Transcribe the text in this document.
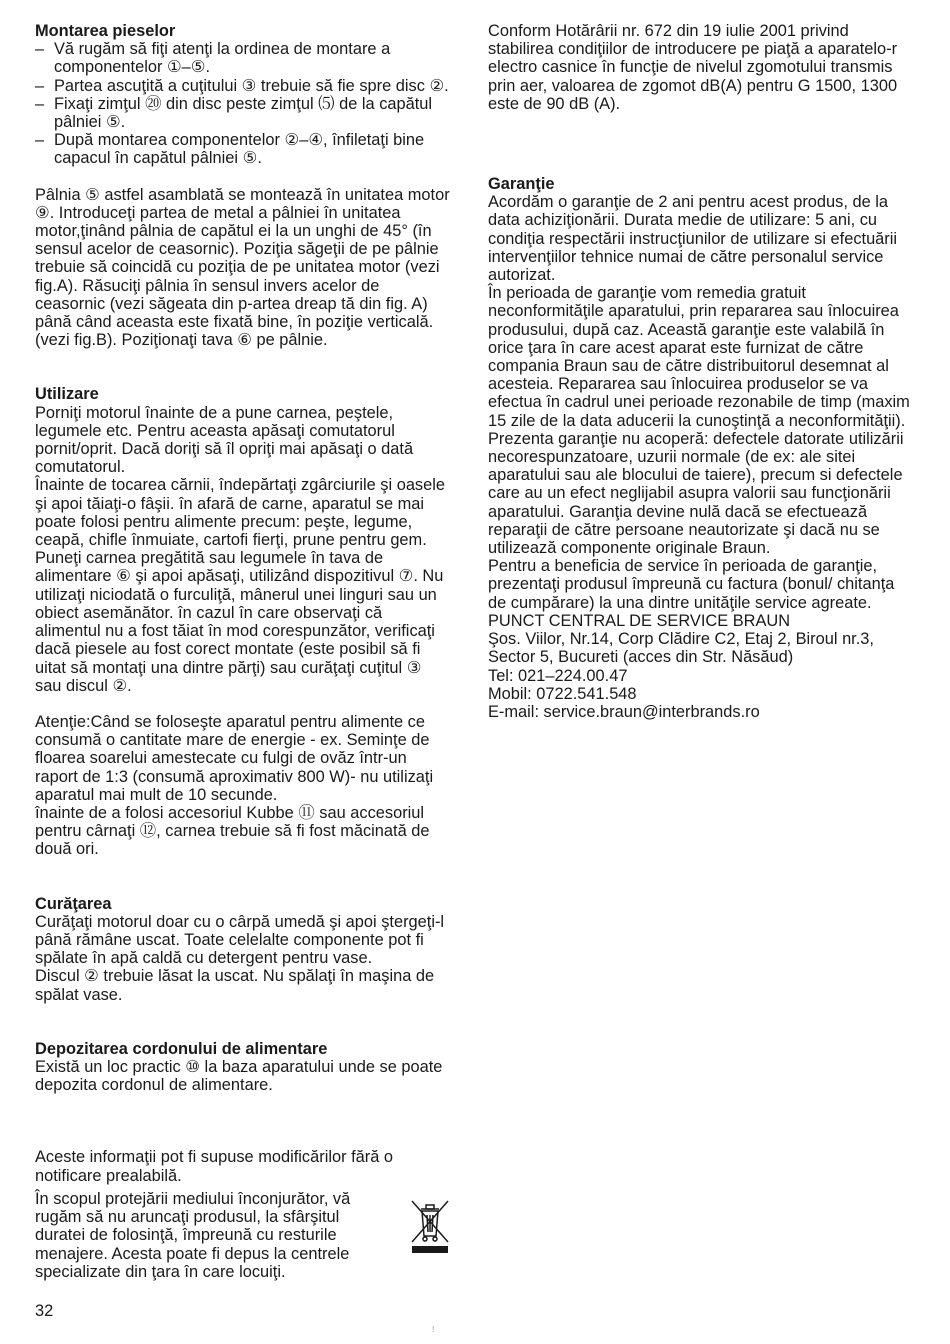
Montarea pieselor
– Vă rugăm să fiţi atenţi la ordinea de montare a componentelor ①–⑤.
– Partea ascuţită a cuţitului ③ trebuie să fie spre disc ②.
– Fixaţi zimţul ⑳ din disc peste zimţul ⑸ de la capătul pâlniei ⑤.
– După montarea componentelor ②–④, înfiletaţi bine capacul în capătul pâlniei ⑤.

Pâlnia ⑤ astfel asamblată se montează în unitatea motor ⑨. Introduceţi partea de metal a pâlniei în unitatea motor,ţinând pâlnia de capătul ei la un unghi de 45° (în sensul acelor de ceasornic). Poziţia săgeţii de pe pâlnie trebuie să coincidă cu poziţia de pe unitatea motor (vezi fig.A). Răsuciţi pâlnia în sensul invers acelor de ceasornic (vezi săgeata din p-artea dreap tă din fig. A) până când aceasta este fixată bine, în poziţie verticală. (vezi fig.B). Poziţionaţi tava ⑥ pe pâlnie.

Utilizare

Porniţi motorul înainte de a pune carnea, peştele, legumele etc. Pentru aceasta apăsaţi comutatorul pornit/oprit. Dacă doriţi să îl opriţi mai apăsaţi o dată comutatorul.

Înainte de tocarea cărnii, îndepărtaţi zgârciurile şi oasele şi apoi tăiaţi-o fâşii. în afară de carne, aparatul se mai poate folosi pentru alimente precum: peşte, legume, ceapă, chifle înmuiate, cartofi fierţi, prune pentru gem. Puneţi carnea pregătită sau legumele în tava de alimentare ⑥ şi apoi apăsaţi, utilizând dispozitivul ⑦. Nu utilizaţi niciodată o furculiţă, mânerul unei linguri sau un obiect asemănător. în cazul în care observaţi că alimentul nu a fost tăiat în mod corespunzător, verificaţi dacă piesele au fost corect montate (este posibil să fi uitat să montaţi una dintre părţi) sau curăţaţi cuţitul ③ sau discul ②.

Atenţie:Când se foloseşte aparatul pentru alimente ce consumă o cantitate mare de energie - ex. Seminţe de floarea soarelui amestecate cu fulgi de ovăz într-un raport de 1:3 (consumă aproximativ 800 W)- nu utilizaţi aparatul mai mult de 10 secunde.

înainte de a folosi accesoriul Kubbe ⑪ sau accesoriul pentru cârnaţi ⑫, carnea trebuie să fi fost măcinată de două ori.

Curăţarea

Curăţaţi motorul doar cu o cârpă umedă şi apoi ştergeţi-l până rămâne uscat. Toate celelalte componente pot fi spălate în apă caldă cu detergent pentru vase.

Discul ② trebuie lăsat la uscat. Nu spălaţi în maşina de spălat vase.

Depozitarea cordonului de alimentare

Există un loc practic ⑩ la baza aparatului unde se poate depozita cordonul de alimentare.

Aceste informaţii pot fi supuse modificărilor fără o notificare prealabilă.

În scopul protejării mediului înconjurător, vă rugăm să nu aruncaţi produsul, la sfârşitul duratei de folosinţă, împreună cu resturile menajere. Acesta poate fi depus la centrele specializate din ţara în care locuiţi.

Conform Hotărârii nr. 672 din 19 iulie 2001 privind stabilirea condiţiilor de introducere pe piaţă a aparatelo-r electro casnice în funcţie de nivelul zgomotului transmis prin aer, valoarea de zgomot dB(A) pentru G 1500, 1300 este de 90 dB (A).

Garanţie

Acordăm o garanţie de 2 ani pentru acest produs, de la data achiziţionării. Durata medie de utilizare: 5 ani, cu condiţia respectării instrucţiunilor de utilizare si efectuării intervenţiilor tehnice numai de către personalul service autorizat.

În perioada de garanţie vom remedia gratuit neconformităţile aparatului, prin repararea sau înlocuirea produsului, după caz. Această garanţie este valabilă în orice ţara în care acest aparat este furnizat de către compania Braun sau de către distribuitorul desemnat al acesteia. Repararea sau înlocuirea produselor se va efectua în cadrul unei perioade rezonabile de timp (maxim 15 zile de la data aducerii la cunoştinţă a neconformităţii).

Prezenta garanţie nu acoperă: defectele datorate utilizării necorespunzatoare, uzurii normale (de ex: ale sitei aparatului sau ale blocului de taiere), precum si defectele care au un efect neglijabil asupra valorii sau funcţionării aparatului. Garanţia devine nulă dacă se efectuează reparaţii de către persoane neautorizate şi dacă nu se utilizează componente originale Braun.

Pentru a beneficia de service în perioada de garanţie, prezentaţi produsul împreună cu factura (bonul/ chitanţa de cumpărare) la una dintre unităţile service agreate.

PUNCT CENTRAL DE SERVICE BRAUN

Şos. Viilor, Nr.14, Corp Clădire C2, Etaj 2, Biroul nr.3, Sector 5, Bucureti (acces din Str. Năsăud)

Tel: 021–224.00.47

Mobil: 0722.541.548

E-mail: service.braun@interbrands.ro

32
!
